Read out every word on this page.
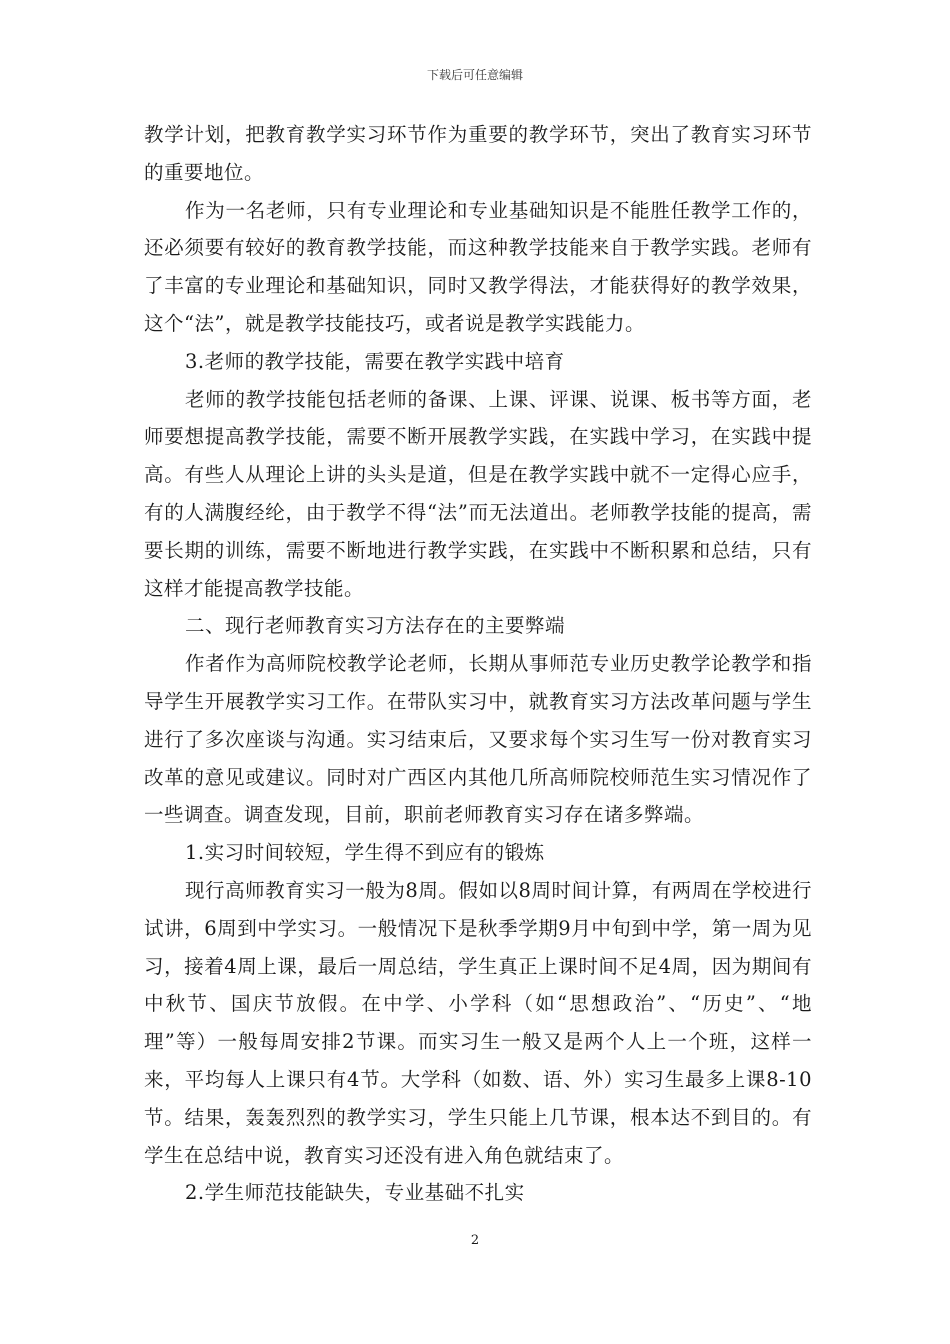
下载后可任意编辑

教学计划，把教育教学实习环节作为重要的教学环节，突出了教育实习环节的重要地位。

作为一名老师，只有专业理论和专业基础知识是不能胜任教学工作的，还必须要有较好的教育教学技能，而这种教学技能来自于教学实践。老师有了丰富的专业理论和基础知识，同时又教学得法，才能获得好的教学效果，这个“法”，就是教学技能技巧，或者说是教学实践能力。

3.老师的教学技能，需要在教学实践中培育

老师的教学技能包括老师的备课、上课、评课、说课、板书等方面，老师要想提高教学技能，需要不断开展教学实践，在实践中学习，在实践中提高。有些人从理论上讲的头头是道，但是在教学实践中就不一定得心应手，有的人满腹经纶，由于教学不得“法”而无法道出。老师教学技能的提高，需要长期的训练，需要不断地进行教学实践，在实践中不断积累和总结，只有这样才能提高教学技能。

二、现行老师教育实习方法存在的主要弊端

作者作为高师院校教学论老师，长期从事师范专业历史教学论教学和指导学生开展教学实习工作。在带队实习中，就教育实习方法改革问题与学生进行了多次座谈与沟通。实习结束后，又要求每个实习生写一份对教育实习改革的意见或建议。同时对广西区内其他几所高师院校师范生实习情况作了一些调查。调查发现，目前，职前老师教育实习存在诸多弊端。

1.实习时间较短，学生得不到应有的锻炼

现行高师教育实习一般为8周。假如以8周时间计算，有两周在学校进行试讲，6周到中学实习。一般情况下是秋季学期9月中旬到中学，第一周为见习，接着4周上课，最后一周总结，学生真正上课时间不足4周，因为期间有中秋节、国庆节放假。在中学、小学科（如“思想政治”、“历史”、“地理”等）一般每周安排2节课。而实习生一般又是两个人上一个班，这样一来，平均每人上课只有4节。大学科（如数、语、外）实习生最多上课8-10节。结果，轰轰烈烈的教学实习，学生只能上几节课，根本达不到目的。有学生在总结中说，教育实习还没有进入角色就结束了。

2.学生师范技能缺失，专业基础不扎实

2
